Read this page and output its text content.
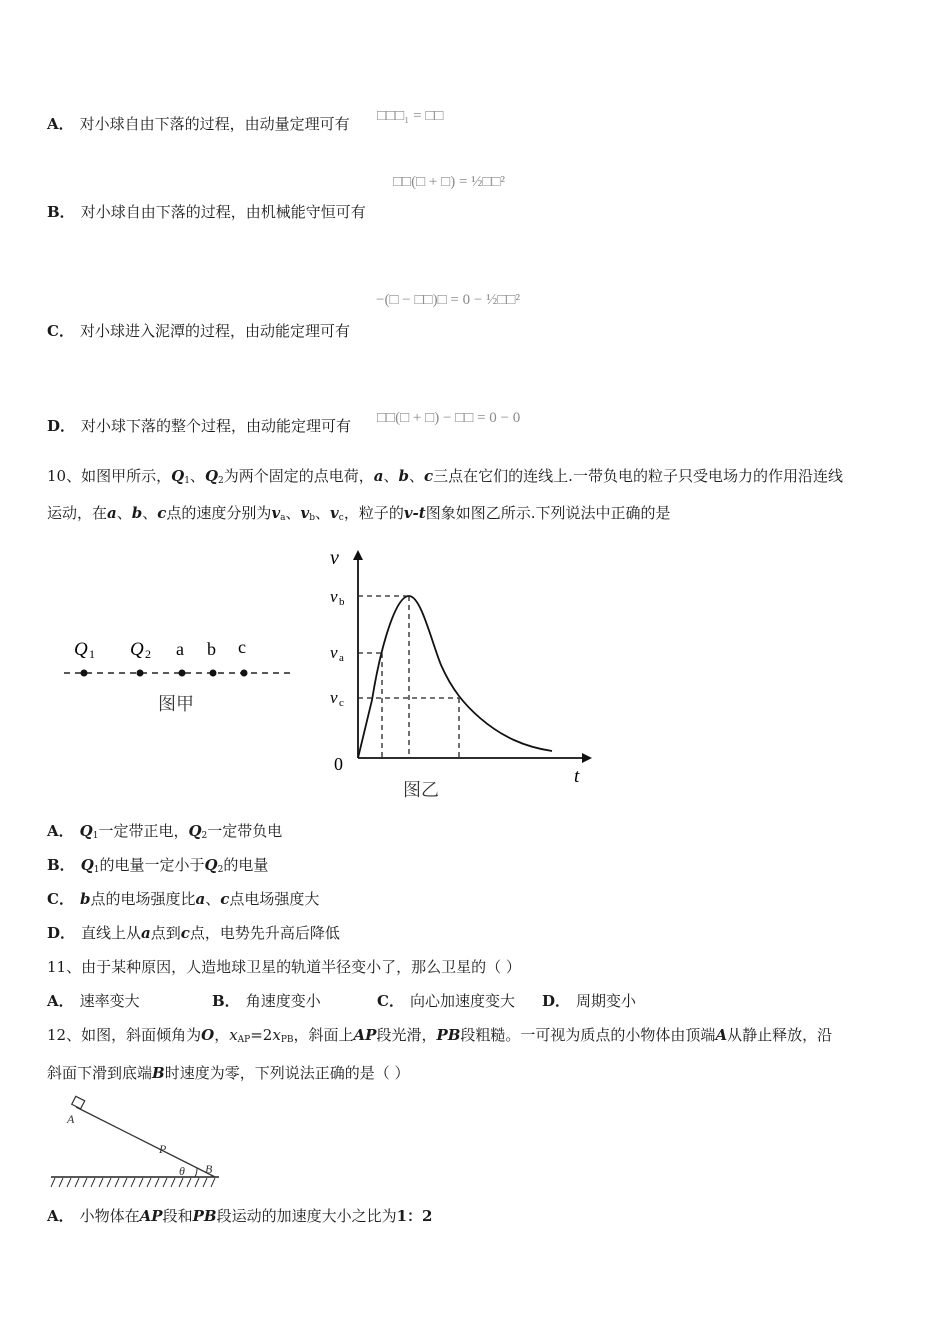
A． 对小球自由下落的过程，由动量定理可有 □□□₁ = □□
□□(□ + □) = ½□□²
B． 对小球自由下落的过程，由机械能守恒可有
−(□ − □□)□ = 0 − ½□□²
C． 对小球进入泥潭的过程，由动能定理可有
D． 对小球下落的整个过程，由动能定理可有 □□(□ + □) − □□ = 0 − 0
10、如图甲所示，$Q_1$、$Q_2$为两个固定的点电荷，a、b、c三点在它们的连线上.一带负电的粒子只受电场力的作用沿连线
运动，在a、b、c点的速度分别为$v_a$、$v_b$、$v_c$，粒子的v-t图象如图乙所示.下列说法中正确的是
Q 1 Q 2 a b c
图甲
v
v b
v a
v c
0
t
图乙
A． $Q_1$一定带正电，$Q_2$一定带负电
B． $Q_1$的电量一定小于$Q_2$的电量
C． b点的电场强度比a、c点电场强度大
D． 直线上从a点到c点，电势先升高后降低
11、由于某种原因，人造地球卫星的轨道半径变小了，那么卫星的（ ）
A． 速率变大	B． 角速度变小	C． 向心加速度变大 D． 周期变小
12、如图，斜面倾角为O，$x_{AP}=2x_{PB}$，斜面上AP段光滑，PB段粗糙。一可视为质点的小物体由顶端A从静止释放，沿
斜面下滑到底端B时速度为零，下列说法正确的是（ ）
A
P
θ B
A． 小物体在AP段和PB段运动的加速度大小之比为1：2
